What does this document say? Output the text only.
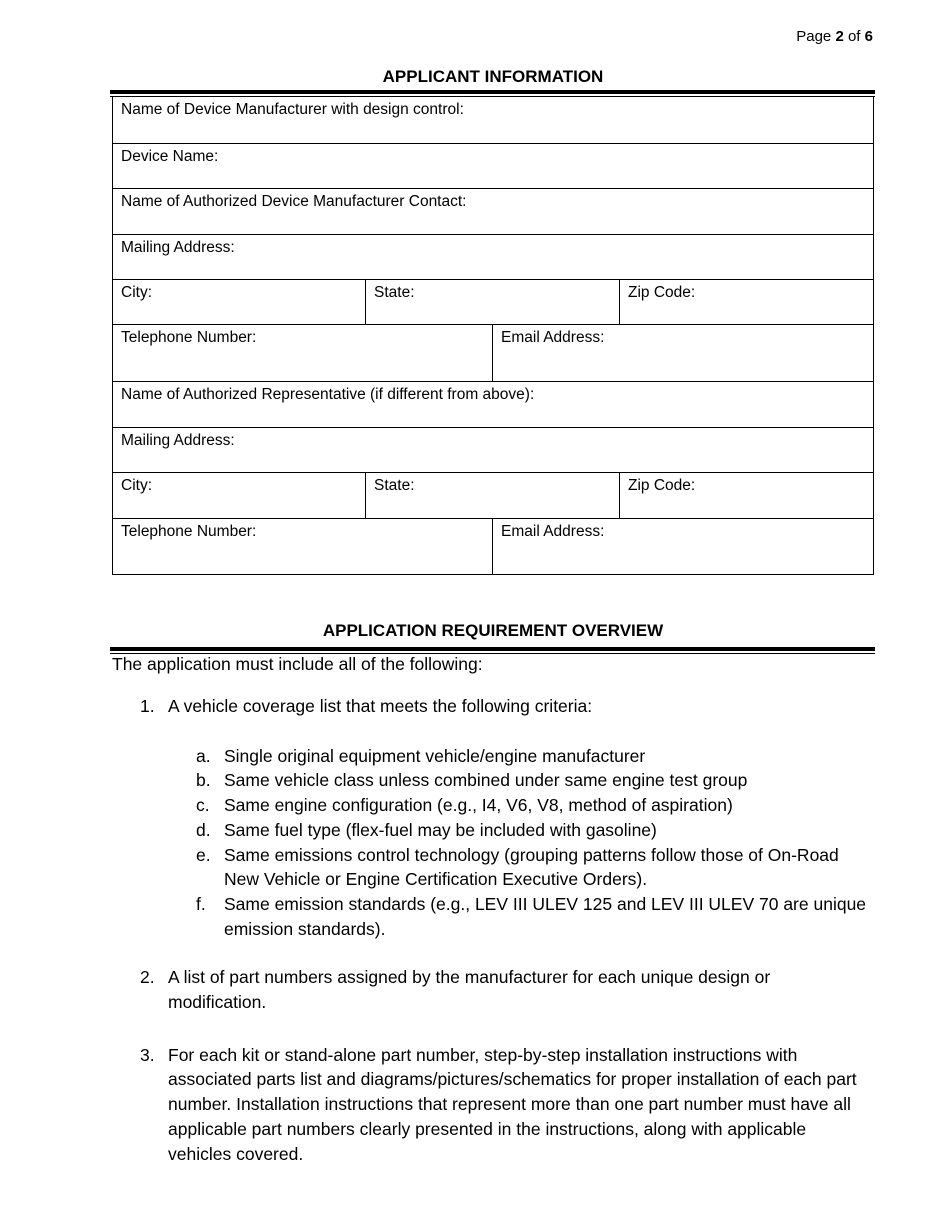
Page 2 of 6
APPLICANT INFORMATION
Name of Device Manufacturer with design control:			
Device Name:			
Name of Authorized Device Manufacturer Contact:			
Mailing Address:			
City:	State:		Zip Code:
Telephone Number:		Email Address:	
Name of Authorized Representative (if different from above):			
Mailing Address:			
City:	State:		Zip Code:
Telephone Number:		Email Address:	
APPLICATION REQUIREMENT OVERVIEW
The application must include all of the following:
1. A vehicle coverage list that meets the following criteria:
a. Single original equipment vehicle/engine manufacturer
b. Same vehicle class unless combined under same engine test group
c. Same engine configuration (e.g., I4, V6, V8, method of aspiration)
d. Same fuel type (flex-fuel may be included with gasoline)
e. Same emissions control technology (grouping patterns follow those of On-Road New Vehicle or Engine Certification Executive Orders).
f. Same emission standards (e.g., LEV III ULEV 125 and LEV III ULEV 70 are unique emission standards).
2. A list of part numbers assigned by the manufacturer for each unique design or modification.
3. For each kit or stand-alone part number, step-by-step installation instructions with associated parts list and diagrams/pictures/schematics for proper installation of each part number. Installation instructions that represent more than one part number must have all applicable part numbers clearly presented in the instructions, along with applicable vehicles covered.
